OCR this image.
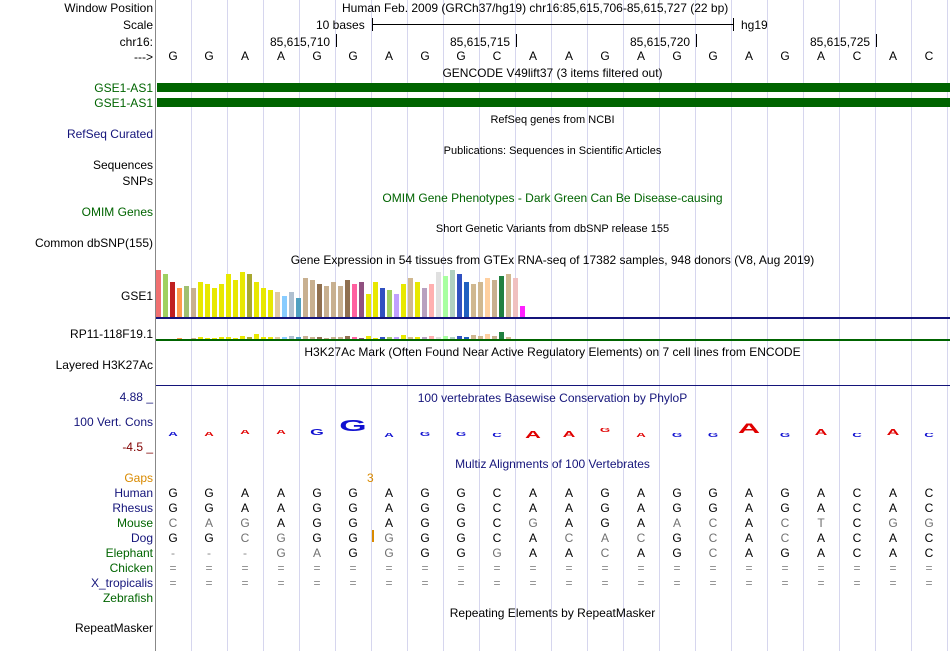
Window Position	Human Feb. 2009 (GRCh37/hg19) chr16:85,615,706-85,615,727 (22 bp)
Scale	10 bases	hg19
chr16:	85,615,710	85,615,715	85,615,720	85,615,725
--->	G	G	A	A	G	G	A	G	G	C	A	A	G	A	G	G	A	G	A	C	A	C
GENCODE V49lift37 (3 items filtered out)
GSE1-AS1
GSE1-AS1
RefSeq genes from NCBI
RefSeq Curated
Publications: Sequences in Scientific Articles
Sequences
SNPs
OMIM Gene Phenotypes - Dark Green Can Be Disease-causing
OMIM Genes
Short Genetic Variants from dbSNP release 155
Common dbSNP(155)
Gene Expression in 54 tissues from GTEx RNA-seq of 17382 samples, 948 donors (V8, Aug 2019)
GSE1
RP11-118F19.1
H3K27Ac Mark (Often Found Near Active Regulatory Elements) on 7 cell lines from ENCODE
Layered H3K27Ac
100 vertebrates Basewise Conservation by PhyloP
4.88 _
100 Vert. Cons
-4.5 _
A	A	A	A	G G
A	G	G	C	A	A	G
A	G	G	A	G	A	C	A	C
Multiz Alignments of 100 Vertebrates
Gaps	3
Human	G	G	A	A	G	G	A	G	G	C	A	A	G	A	G	G	A	G	A	C	A	C
Rhesus	G	G	A	A	G	G	A	G	G	C	A	A	G	A	G	G	A	G	A	C	A	C
Mouse	C	A	G	A	G	G	A	G	G	C	G	A	G	A	A	C	A	C	T	C	G	G
Dog	G	G	C	G	G	G	G	G	G	C	A	C	A	C	G	C	A	C	A	C	A	C
Elephant	-	-	-	G	A	G	G	G	G	G	A	A	C	A	G	C	A	G	A	C	A	C
Chicken	=	=	=	=	=	=	=	=	=	=	=	=	=	=	=	=	=	=	=	=	=	=
X_tropicalis	=	=	=	=	=	=	=	=	=	=	=	=	=	=	=	=	=	=	=	=	=	=
Zebrafish
Repeating Elements by RepeatMasker
RepeatMasker
